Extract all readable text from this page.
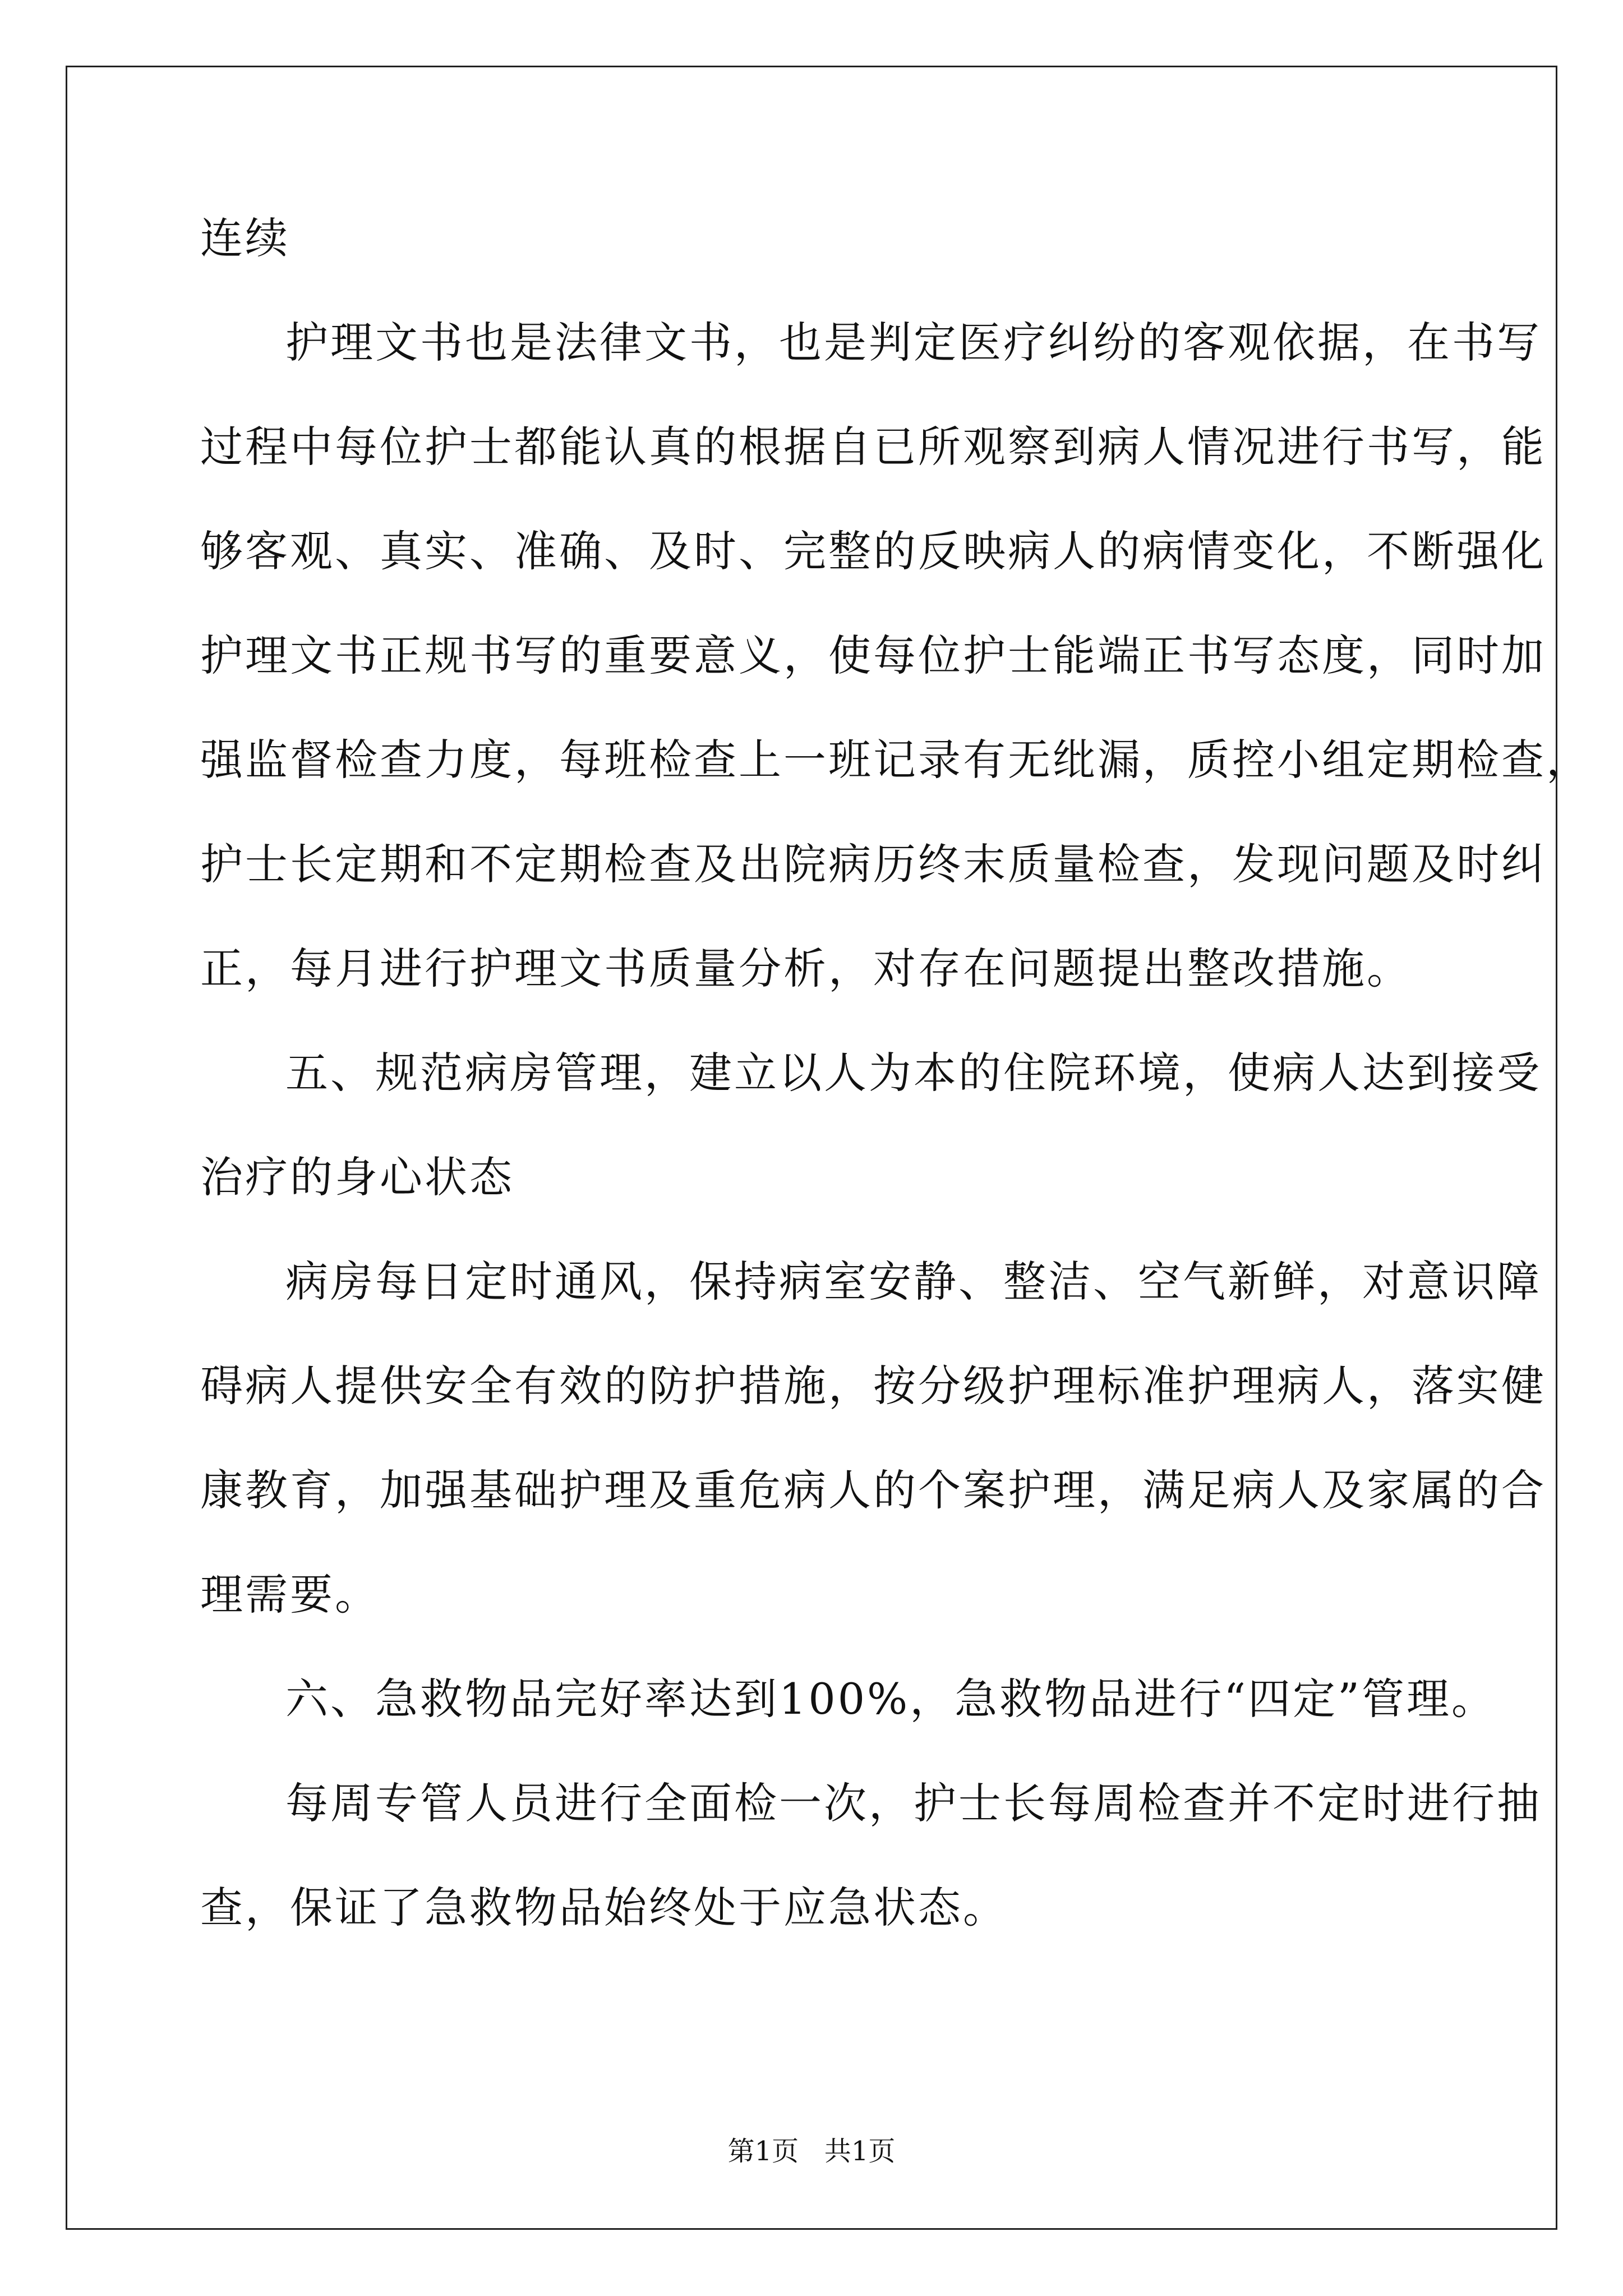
连续
护理文书也是法律文书，也是判定医疗纠纷的客观依据，在书写
过程中每位护士都能认真的根据自已所观察到病人情况进行书写，能
够客观、真实、准确、及时、完整的反映病人的病情变化，不断强化
护理文书正规书写的重要意义，使每位护士能端正书写态度，同时加
强监督检查力度，每班检查上一班记录有无纰漏，质控小组定期检查，
护士长定期和不定期检查及出院病历终末质量检查，发现问题及时纠
正，每月进行护理文书质量分析，对存在问题提出整改措施。
五、规范病房管理，建立以人为本的住院环境，使病人达到接受
治疗的身心状态
病房每日定时通风，保持病室安静、整洁、空气新鲜，对意识障
碍病人提供安全有效的防护措施，按分级护理标准护理病人，落实健
康教育，加强基础护理及重危病人的个案护理，满足病人及家属的合
理需要。
六、急救物品完好率达到100%，急救物品进行“四定”管理。
每周专管人员进行全面检一次，护士长每周检查并不定时进行抽
查，保证了急救物品始终处于应急状态。
第1页   共1页
